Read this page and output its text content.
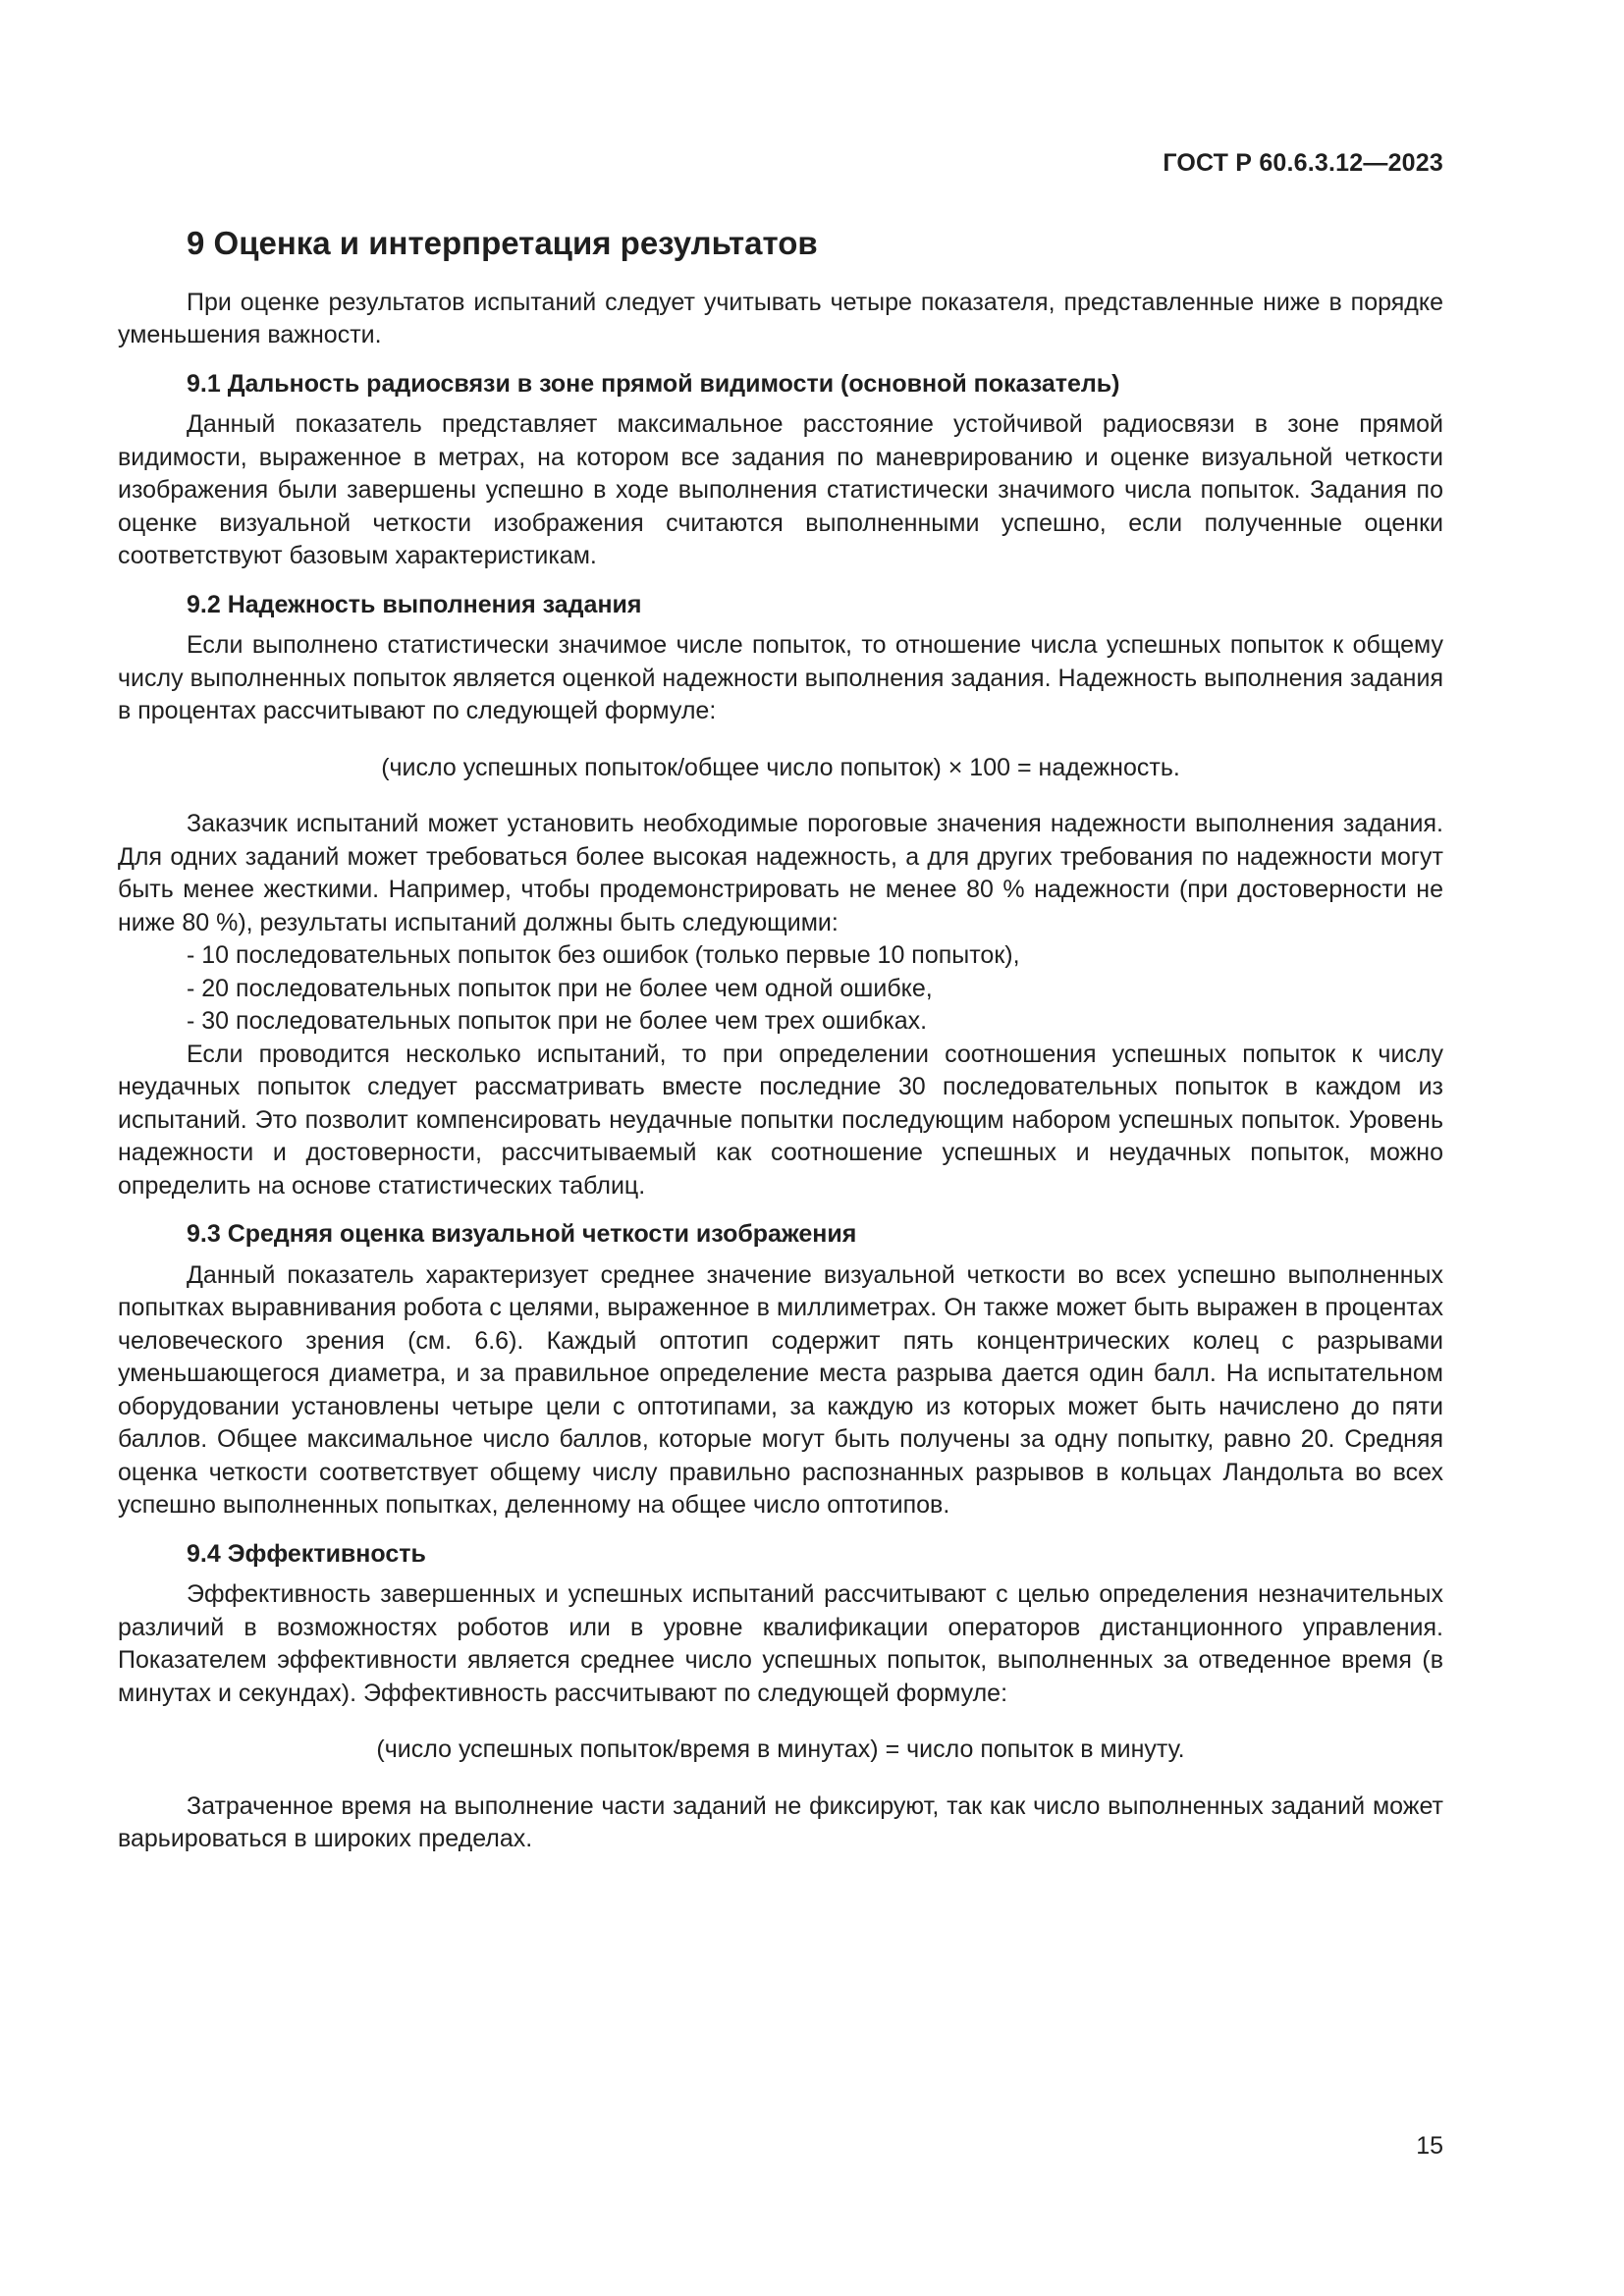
ГОСТ Р 60.6.3.12—2023
9 Оценка и интерпретация результатов

При оценке результатов испытаний следует учитывать четыре показателя, представленные ниже в порядке уменьшения важности.

9.1 Дальность радиосвязи в зоне прямой видимости (основной показатель)

Данный показатель представляет максимальное расстояние устойчивой радиосвязи в зоне прямой видимости, выраженное в метрах, на котором все задания по маневрированию и оценке визуальной четкости изображения были завершены успешно в ходе выполнения статистически значимого числа попыток. Задания по оценке визуальной четкости изображения считаются выполненными успешно, если полученные оценки соответствуют базовым характеристикам.

9.2 Надежность выполнения задания

Если выполнено статистически значимое числе попыток, то отношение числа успешных попыток к общему числу выполненных попыток является оценкой надежности выполнения задания. Надежность выполнения задания в процентах рассчитывают по следующей формуле:

(число успешных попыток/общее число попыток) × 100 = надежность.

Заказчик испытаний может установить необходимые пороговые значения надежности выполнения задания. Для одних заданий может требоваться более высокая надежность, а для других требования по надежности могут быть менее жесткими. Например, чтобы продемонстрировать не менее 80 % надежности (при достоверности не ниже 80 %), результаты испытаний должны быть следующими:

- 10 последовательных попыток без ошибок (только первые 10 попыток),
- 20 последовательных попыток при не более чем одной ошибке,
- 30 последовательных попыток при не более чем трех ошибках.

Если проводится несколько испытаний, то при определении соотношения успешных попыток к числу неудачных попыток следует рассматривать вместе последние 30 последовательных попыток в каждом из испытаний. Это позволит компенсировать неудачные попытки последующим набором успешных попыток. Уровень надежности и достоверности, рассчитываемый как соотношение успешных и неудачных попыток, можно определить на основе статистических таблиц.

9.3 Средняя оценка визуальной четкости изображения

Данный показатель характеризует среднее значение визуальной четкости во всех успешно выполненных попытках выравнивания робота с целями, выраженное в миллиметрах. Он также может быть выражен в процентах человеческого зрения (см. 6.6). Каждый оптотип содержит пять концентрических колец с разрывами уменьшающегося диаметра, и за правильное определение места разрыва дается один балл. На испытательном оборудовании установлены четыре цели с оптотипами, за каждую из которых может быть начислено до пяти баллов. Общее максимальное число баллов, которые могут быть получены за одну попытку, равно 20. Средняя оценка четкости соответствует общему числу правильно распознанных разрывов в кольцах Ландольта во всех успешно выполненных попытках, деленному на общее число оптотипов.

9.4 Эффективность

Эффективность завершенных и успешных испытаний рассчитывают с целью определения незначительных различий в возможностях роботов или в уровне квалификации операторов дистанционного управления. Показателем эффективности является среднее число успешных попыток, выполненных за отведенное время (в минутах и секундах). Эффективность рассчитывают по следующей формуле:

(число успешных попыток/время в минутах) = число попыток в минуту.

Затраченное время на выполнение части заданий не фиксируют, так как число выполненных заданий может варьироваться в широких пределах.

15
